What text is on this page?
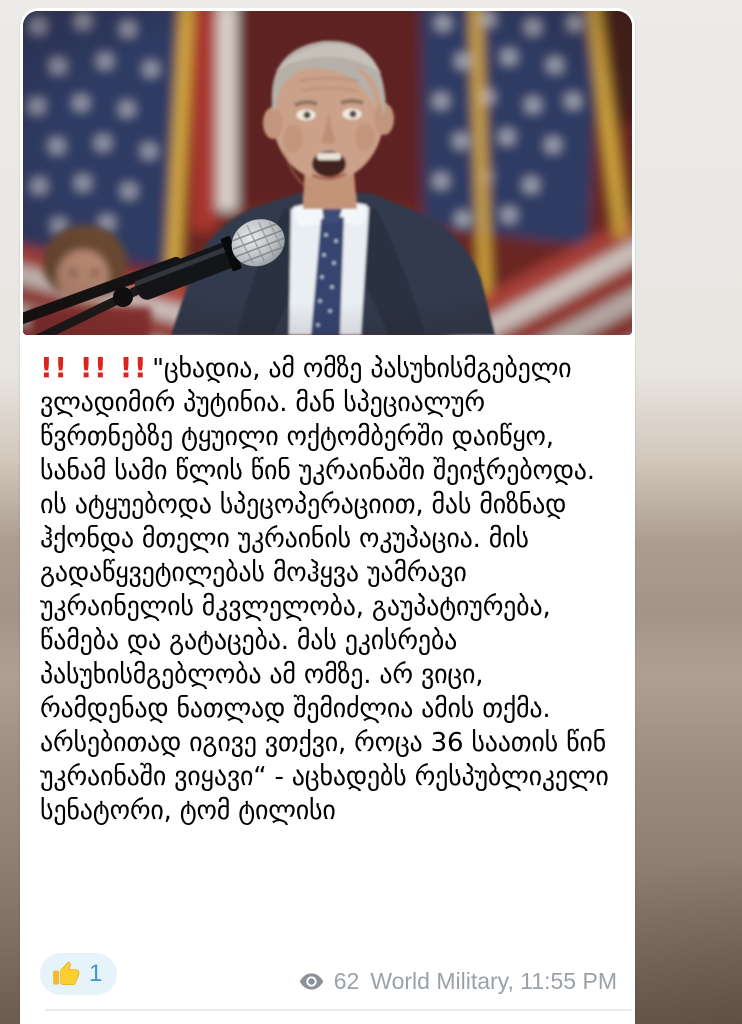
!! !! !! "ცხადია, ამ ომზე პასუხისმგებელი ვლადიმირ პუტინია. მან სპეციალურ წვრთნებზე ტყუილი ოქტომბერში დაიწყო, სანამ სამი წლის წინ უკრაინაში შეიჭრებოდა. ის ატყუებოდა სპეცოპერაციით, მას მიზნად ჰქონდა მთელი უკრაინის ოკუპაცია. მის გადაწყვეტილებას მოჰყვა უამრავი უკრაინელის მკვლელობა, გაუპატიურება, წამება და გატაცება. მას ეკისრება პასუხისმგებლობა ამ ომზე. არ ვიცი, რამდენად ნათლად შემიძლია ამის თქმა. არსებითად იგივე ვთქვი, როცა 36 საათის წინ უკრაინაში ვიყავი“ - აცხადებს რესპუბლიკელი სენატორი, ტომ ტილისი
1	62 World Military, 11:55 PM
